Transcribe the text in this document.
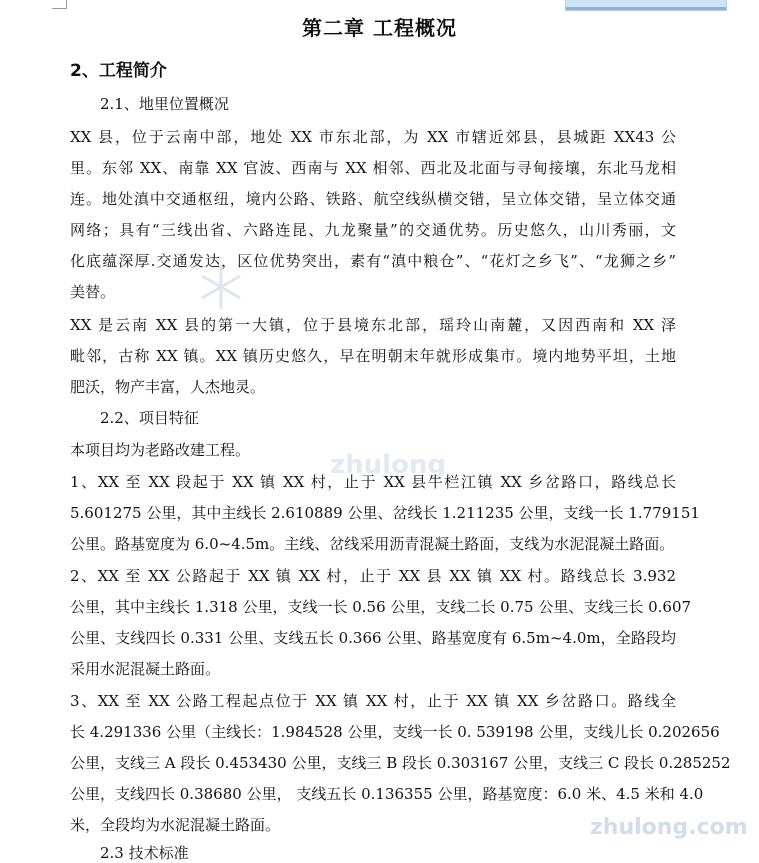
zhulong
zhulong.com
第二章 工程概况
2、工程简介
2.1、地里位置概况
XX 县，位于云南中部，地处 XX 市东北部，为 XX 市辖近郊县，县城距 XX43 公
里。东邻 XX、南靠 XX 官波、西南与 XX 相邻、西北及北面与寻甸接壤，东北马龙相
连。地处滇中交通枢纽，境内公路、铁路、航空线纵横交错，呈立体交错，呈立体交通
网络；具有“三线出省、六路连昆、九龙聚量”的交通优势。历史悠久，山川秀丽，文
化底蕴深厚.交通发达，区位优势突出，素有“滇中粮仓”、“花灯之乡飞”、“龙狮之乡”
美替。
XX 是云南 XX 县的第一大镇，位于县境东北部，瑶玲山南麓，又因西南和 XX 泽
毗邻，古称 XX 镇。XX 镇历史悠久，早在明朝末年就形成集市。境内地势平坦，土地
肥沃，物产丰富，人杰地灵。
2.2、项目特征
本项目均为老路改建工程。
1、XX 至 XX 段起于 XX 镇 XX 村，止于 XX 县牛栏江镇 XX 乡岔路口，路线总长
5.601275 公里，其中主线长 2.610889 公里、岔线长 1.211235 公里，支线一长 1.779151
公里。路基宽度为 6.0~4.5m。主线、岔线采用沥青混凝土路面，支线为水泥混凝土路面。
2、XX 至 XX 公路起于 XX 镇 XX 村，止于 XX 县 XX 镇 XX 村。路线总长 3.932
公里，其中主线长 1.318 公里，支线一长 0.56 公里，支线二长 0.75 公里、支线三长 0.607
公里、支线四长 0.331 公里、支线五长 0.366 公里、路基宽度有 6.5m~4.0m，全路段均
采用水泥混凝土路面。
3、XX 至 XX 公路工程起点位于 XX 镇 XX 村，止于 XX 镇 XX 乡岔路口。路线全
长 4.291336 公里（主线长：1.984528 公里，支线一长 0. 539198 公里，支线儿长 0.202656
公里，支线三 A 段长 0.453430 公里，支线三 B 段长 0.303167 公里，支线三 C 段长 0.285252
公里，支线四长 0.38680 公里， 支线五长 0.136355 公里，路基宽度：6.0 米、4.5 米和 4.0
米，全段均为水泥混凝土路面。
2.3 技术标准
